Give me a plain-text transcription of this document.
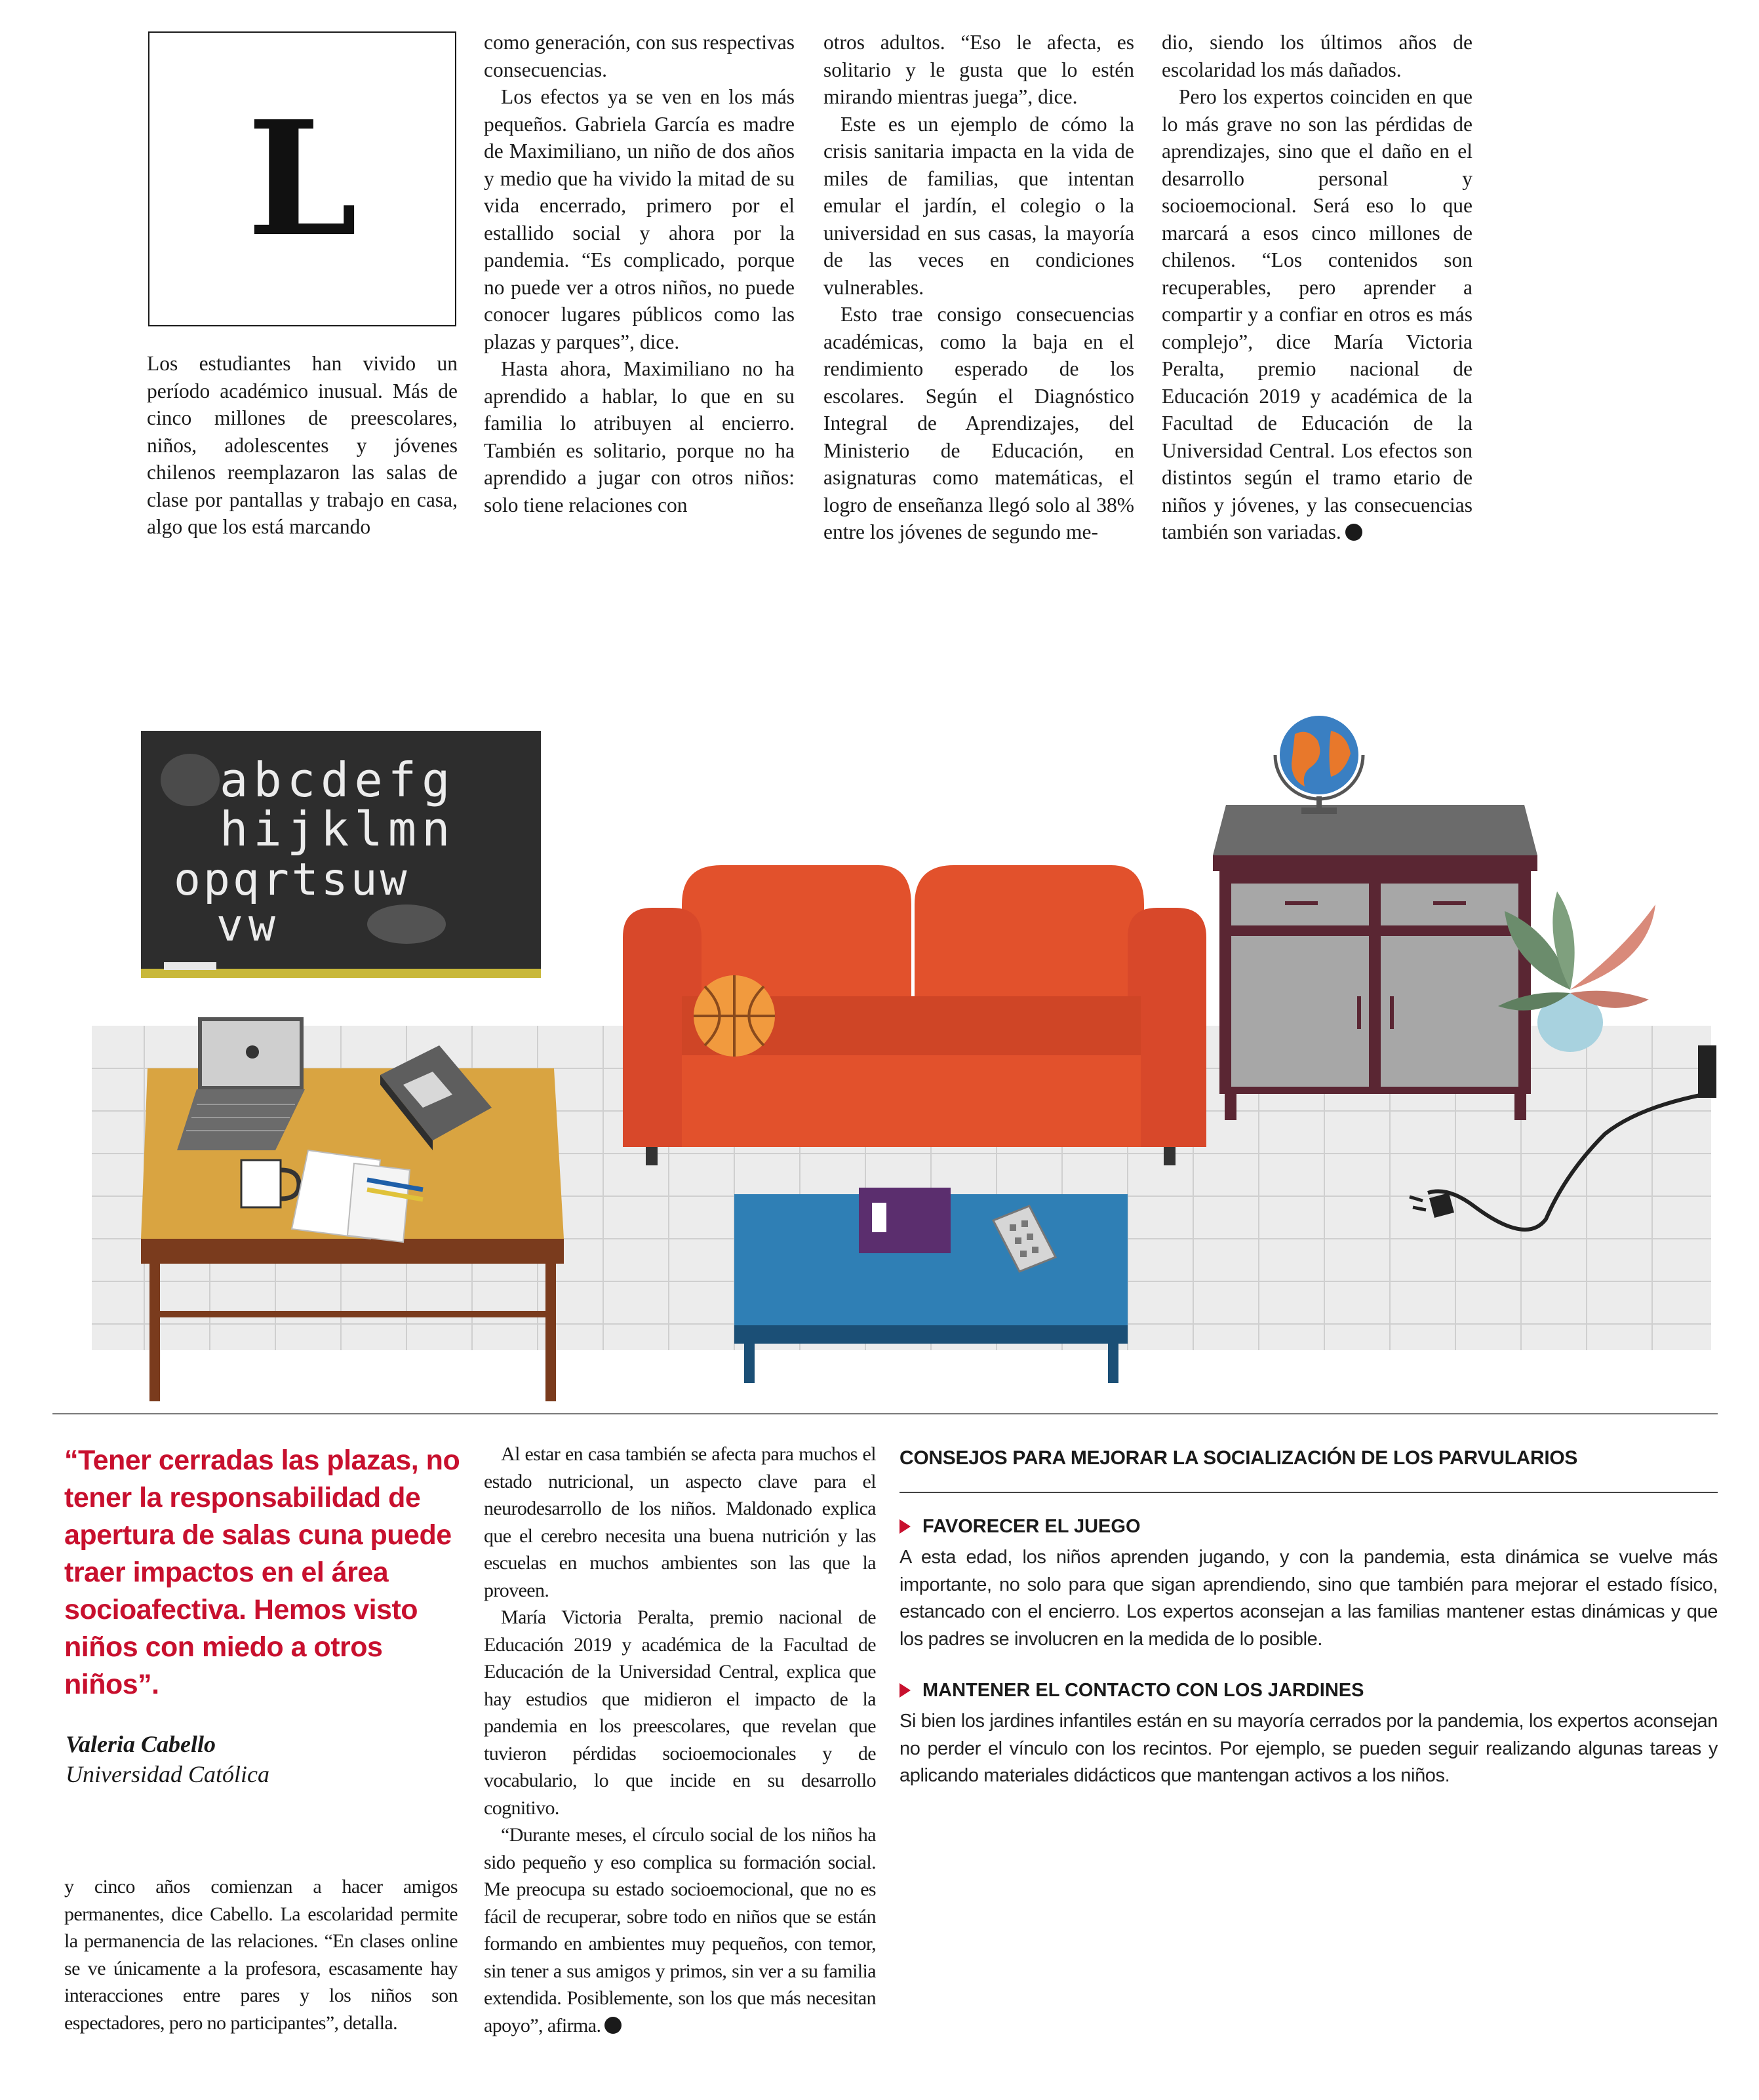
L

Los estudiantes han vivido un período académico inusual. Más de cinco millones de preescolares, niños, adolescentes y jóvenes chilenos reemplazaron las salas de clase por pantallas y trabajo en casa, algo que los está marcando

como generación, con sus respectivas consecuencias.

Los efectos ya se ven en los más pequeños. Gabriela García es madre de Maximiliano, un niño de dos años y medio que ha vivido la mitad de su vida encerrado, primero por el estallido social y ahora por la pandemia. “Es complicado, porque no puede ver a otros niños, no puede conocer lugares públicos como las plazas y parques”, dice.

Hasta ahora, Maximiliano no ha aprendido a hablar, lo que en su familia lo atribuyen al encierro. También es solitario, porque no ha aprendido a jugar con otros niños: solo tiene relaciones con

otros adultos. “Eso le afecta, es solitario y le gusta que lo estén mirando mientras juega”, dice.

Este es un ejemplo de cómo la crisis sanitaria impacta en la vida de miles de familias, que intentan emular el jardín, el colegio o la universidad en sus casas, la mayoría de las veces en condiciones vulnerables.

Esto trae consigo consecuencias académicas, como la baja en el rendimiento esperado de los escolares. Según el Diagnóstico Integral de Aprendizajes, del Ministerio de Educación, en asignaturas como matemáticas, el logro de enseñanza llegó solo al 38% entre los jóvenes de segundo me-

dio, siendo los últimos años de escolaridad los más dañados.

Pero los expertos coinciden en que lo más grave no son las pérdidas de aprendizajes, sino que el daño en el desarrollo personal y socioemocional. Será eso lo que marcará a esos cinco millones de chilenos. “Los contenidos son recuperables, pero aprender a compartir y a confiar en otros es más complejo”, dice María Victoria Peralta, premio nacional de Educación 2019 y académica de la Facultad de Educación de la Universidad Central. Los efectos son distintos según el tramo etario de niños y jóvenes, y las consecuencias también son variadas.

abcdefg
hijklmn
opqrtsuw
vw
“Tener cerradas las plazas, no tener la responsabilidad de apertura de salas cuna puede traer impactos en el área socioafectiva. Hemos visto niños con miedo a otros niños”.
Valeria Cabello
Universidad Católica

y cinco años comienzan a hacer amigos permanentes, dice Cabello. La escolaridad permite la permanencia de las relaciones. “En clases online se ve únicamente a la profesora, escasamente hay interacciones entre pares y los niños son espectadores, pero no participantes”, detalla.

Al estar en casa también se afecta para muchos el estado nutricional, un aspecto clave para el neurodesarrollo de los niños. Maldonado explica que el cerebro necesita una buena nutrición y las escuelas en muchos ambientes son las que la proveen.

María Victoria Peralta, premio nacional de Educación 2019 y académica de la Facultad de Educación de la Universidad Central, explica que hay estudios que midieron el impacto de la pandemia en los preescolares, que revelan que tuvieron pérdidas socioemocionales y de vocabulario, lo que incide en su desarrollo cognitivo.

“Durante meses, el círculo social de los niños ha sido pequeño y eso complica su formación social. Me preocupa su estado socioemocional, que no es fácil de recuperar, sobre todo en niños que se están formando en ambientes muy pequeños, con temor, sin tener a sus amigos y primos, sin ver a su familia extendida. Posiblemente, son los que más necesitan apoyo”, afirma.

CONSEJOS PARA MEJORAR LA SOCIALIZACIÓN DE LOS PARVULARIOS
FAVORECER EL JUEGO
A esta edad, los niños aprenden jugando, y con la pandemia, esta dinámica se vuelve más importante, no solo para que sigan aprendiendo, sino que también para mejorar el estado físico, estancado con el encierro. Los expertos aconsejan a las familias mantener estas dinámicas y que los padres se involucren en la medida de lo posible.
MANTENER EL CONTACTO CON LOS JARDINES
Si bien los jardines infantiles están en su mayoría cerrados por la pandemia, los expertos aconsejan no perder el vínculo con los recintos. Por ejemplo, se pueden seguir realizando algunas tareas y aplicando materiales didácticos que mantengan activos a los niños.
